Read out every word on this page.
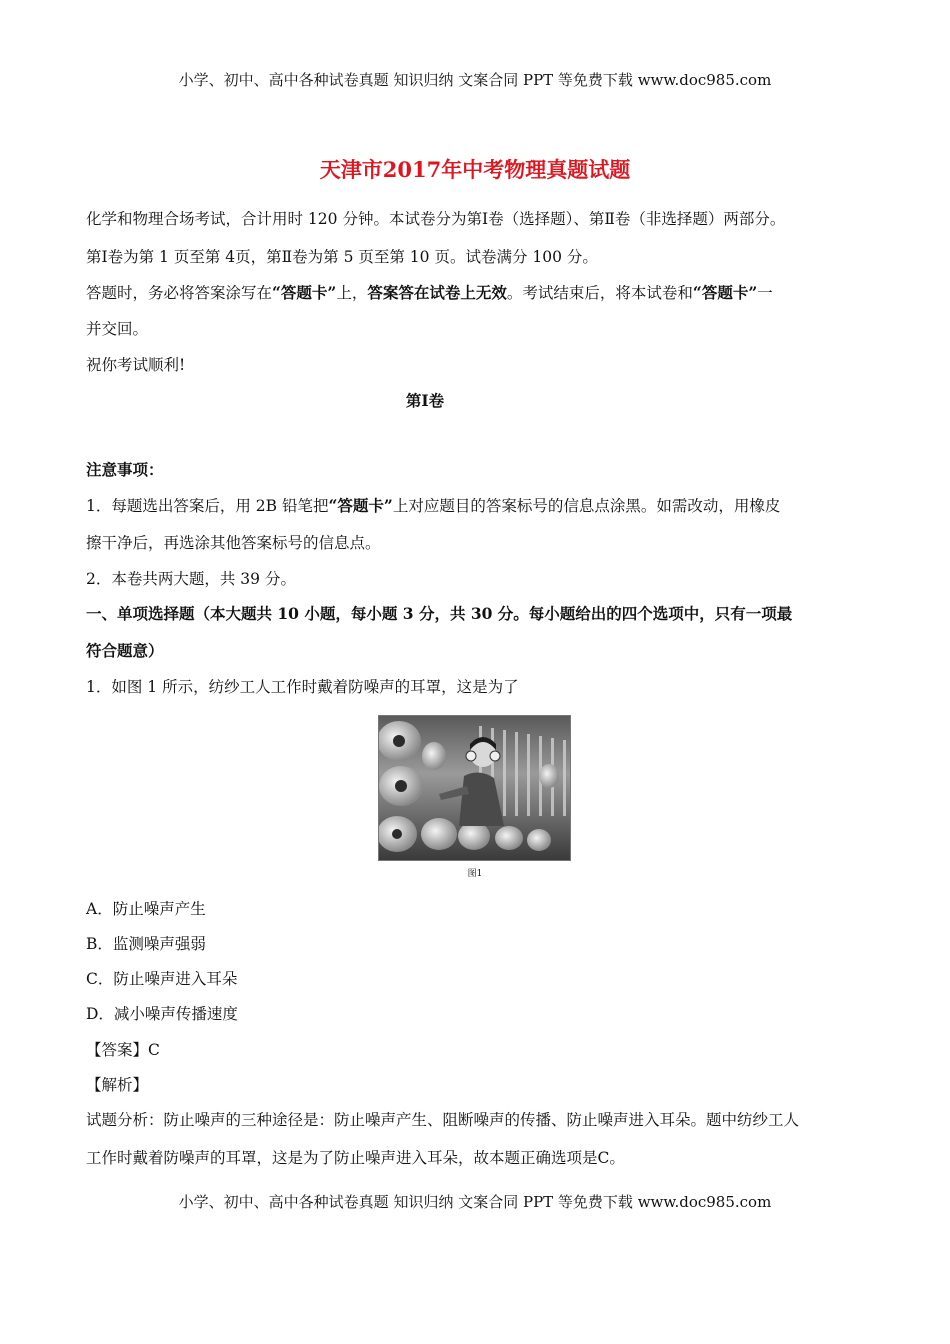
小学、初中、高中各种试卷真题 知识归纳 文案合同 PPT 等免费下载 www.doc985.com
天津市2017年中考物理真题试题
化学和物理合场考试，合计用时 120 分钟。本试卷分为第Ⅰ卷（选择题）、第Ⅱ卷（非选择题）两部分。
第Ⅰ卷为第 1 页至第 4页，第Ⅱ卷为第 5 页至第 10 页。试卷满分 100 分。
答题时，务必将答案涂写在“答题卡”上，答案答在试卷上无效。考试结束后，将本试卷和“答题卡”一
并交回。
祝你考试顺利!
第Ⅰ卷
注意事项：
1．每题选出答案后，用 2B 铅笔把“答题卡”上对应题目的答案标号的信息点涂黑。如需改动，用橡皮
擦干净后，再选涂其他答案标号的信息点。
2．本卷共两大题，共 39 分。
一、单项选择题（本大题共 10 小题，每小题 3 分，共 30 分。每小题给出的四个选项中，只有一项最
符合题意）
1．如图 1 所示，纺纱工人工作时戴着防噪声的耳罩，这是为了
图1
A．防止噪声产生
B．监测噪声强弱
C．防止噪声进入耳朵
D．减小噪声传播速度
【答案】C
【解析】
试题分析：防止噪声的三种途径是：防止噪声产生、阻断噪声的传播、防止噪声进入耳朵。题中纺纱工人
工作时戴着防噪声的耳罩，这是为了防止噪声进入耳朵，故本题正确选项是C。
小学、初中、高中各种试卷真题 知识归纳 文案合同 PPT 等免费下载 www.doc985.com
